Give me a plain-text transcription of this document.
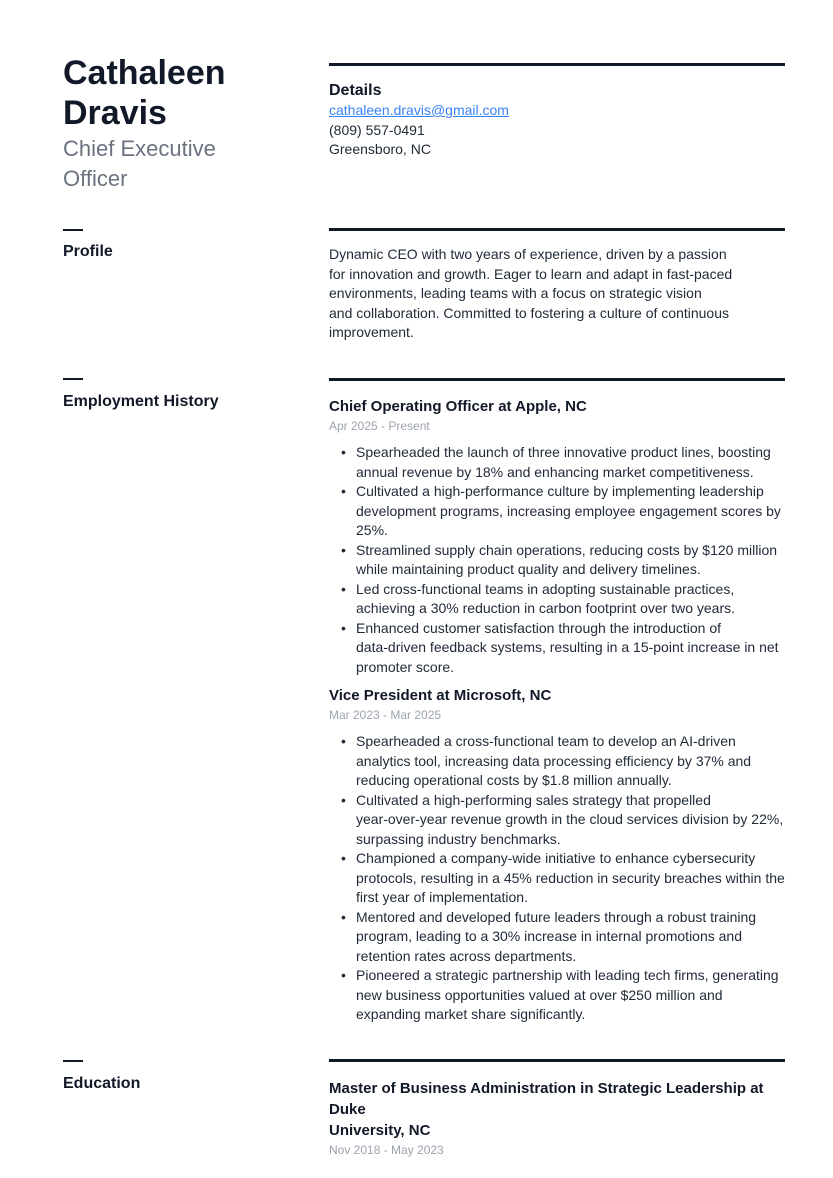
Cathaleen
Dravis
Chief Executive
Officer
Details
cathaleen.dravis@gmail.com
(809) 557-0491
Greensboro, NC
Profile	Dynamic CEO with two years of experience, driven by a passion
for innovation and growth. Eager to learn and adapt in fast-paced
environments, leading teams with a focus on strategic vision
and collaboration. Committed to fostering a culture of continuous
improvement.
Employment History	Chief Operating Officer at Apple, NC
Apr 2025 - Present
• Spearheaded the launch of three innovative product lines, boosting
annual revenue by 18% and enhancing market competitiveness.
• Cultivated a high-performance culture by implementing leadership
development programs, increasing employee engagement scores by
25%.
• Streamlined supply chain operations, reducing costs by $120 million
while maintaining product quality and delivery timelines.
• Led cross-functional teams in adopting sustainable practices,
achieving a 30% reduction in carbon footprint over two years.
• Enhanced customer satisfaction through the introduction of
data-driven feedback systems, resulting in a 15-point increase in net
promoter score.
Vice President at Microsoft, NC
Mar 2023 - Mar 2025
• Spearheaded a cross-functional team to develop an AI-driven
analytics tool, increasing data processing efficiency by 37% and
reducing operational costs by $1.8 million annually.
• Cultivated a high-performing sales strategy that propelled
year-over-year revenue growth in the cloud services division by 22%,
surpassing industry benchmarks.
• Championed a company-wide initiative to enhance cybersecurity
protocols, resulting in a 45% reduction in security breaches within the
first year of implementation.
• Mentored and developed future leaders through a robust training
program, leading to a 30% increase in internal promotions and
retention rates across departments.
• Pioneered a strategic partnership with leading tech firms, generating
new business opportunities valued at over $250 million and
expanding market share significantly.
Education	Master of Business Administration in Strategic Leadership at Duke
University, NC
Nov 2018 - May 2023
